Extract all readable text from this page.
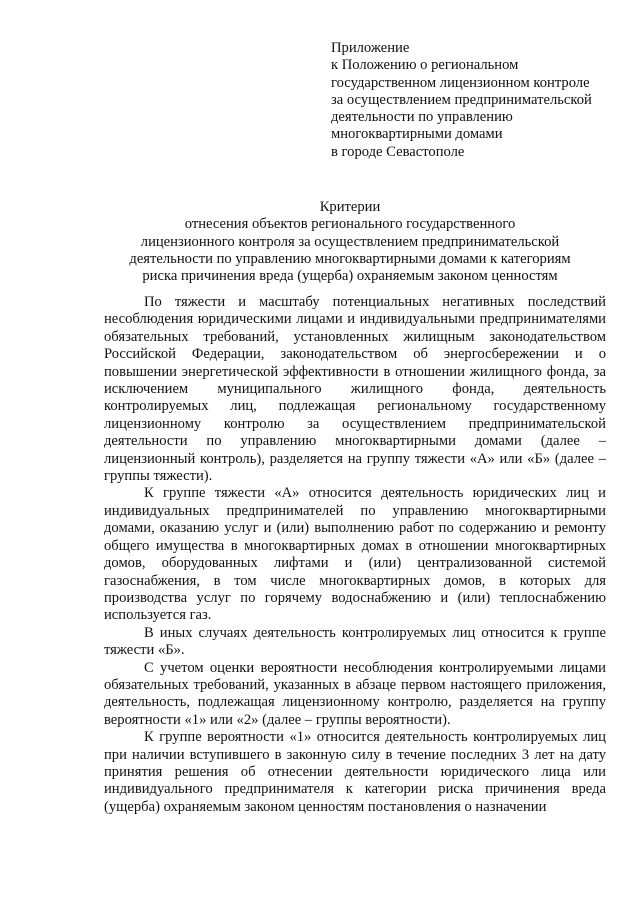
Приложение
к Положению о региональном
государственном лицензионном контроле
за осуществлением предпринимательской
деятельности по управлению
многоквартирными домами
в городе Севастополе
Критерии
отнесения объектов регионального государственного
лицензионного контроля за осуществлением предпринимательской
деятельности по управлению многоквартирными домами к категориям
риска причинения вреда (ущерба) охраняемым законом ценностям

По тяжести и масштабу потенциальных негативных последствий несоблюдения юридическими лицами и индивидуальными предпринимателями обязательных требований, установленных жилищным законодательством Российской Федерации, законодательством об энергосбережении и о повышении энергетической эффективности в отношении жилищного фонда, за исключением муниципального жилищного фонда, деятельность контролируемых лиц, подлежащая региональному государственному лицензионному контролю за осуществлением предпринимательской деятельности по управлению многоквартирными домами (далее – лицензионный контроль), разделяется на группу тяжести «А» или «Б» (далее – группы тяжести).

К группе тяжести «А» относится деятельность юридических лиц и индивидуальных предпринимателей по управлению многоквартирными домами, оказанию услуг и (или) выполнению работ по содержанию и ремонту общего имущества в многоквартирных домах в отношении многоквартирных домов, оборудованных лифтами и (или) централизованной системой газоснабжения, в том числе многоквартирных домов, в которых для производства услуг по горячему водоснабжению и (или) теплоснабжению используется газ.

В иных случаях деятельность контролируемых лиц относится к группе тяжести «Б».

С учетом оценки вероятности несоблюдения контролируемыми лицами обязательных требований, указанных в абзаце первом настоящего приложения, деятельность, подлежащая лицензионному контролю, разделяется на группу вероятности «1» или «2» (далее – группы вероятности).

К группе вероятности «1» относится деятельность контролируемых лиц при наличии вступившего в законную силу в течение последних 3 лет на дату принятия решения об отнесении деятельности юридического лица или индивидуального предпринимателя к категории риска причинения вреда (ущерба) охраняемым законом ценностям постановления о назначении
